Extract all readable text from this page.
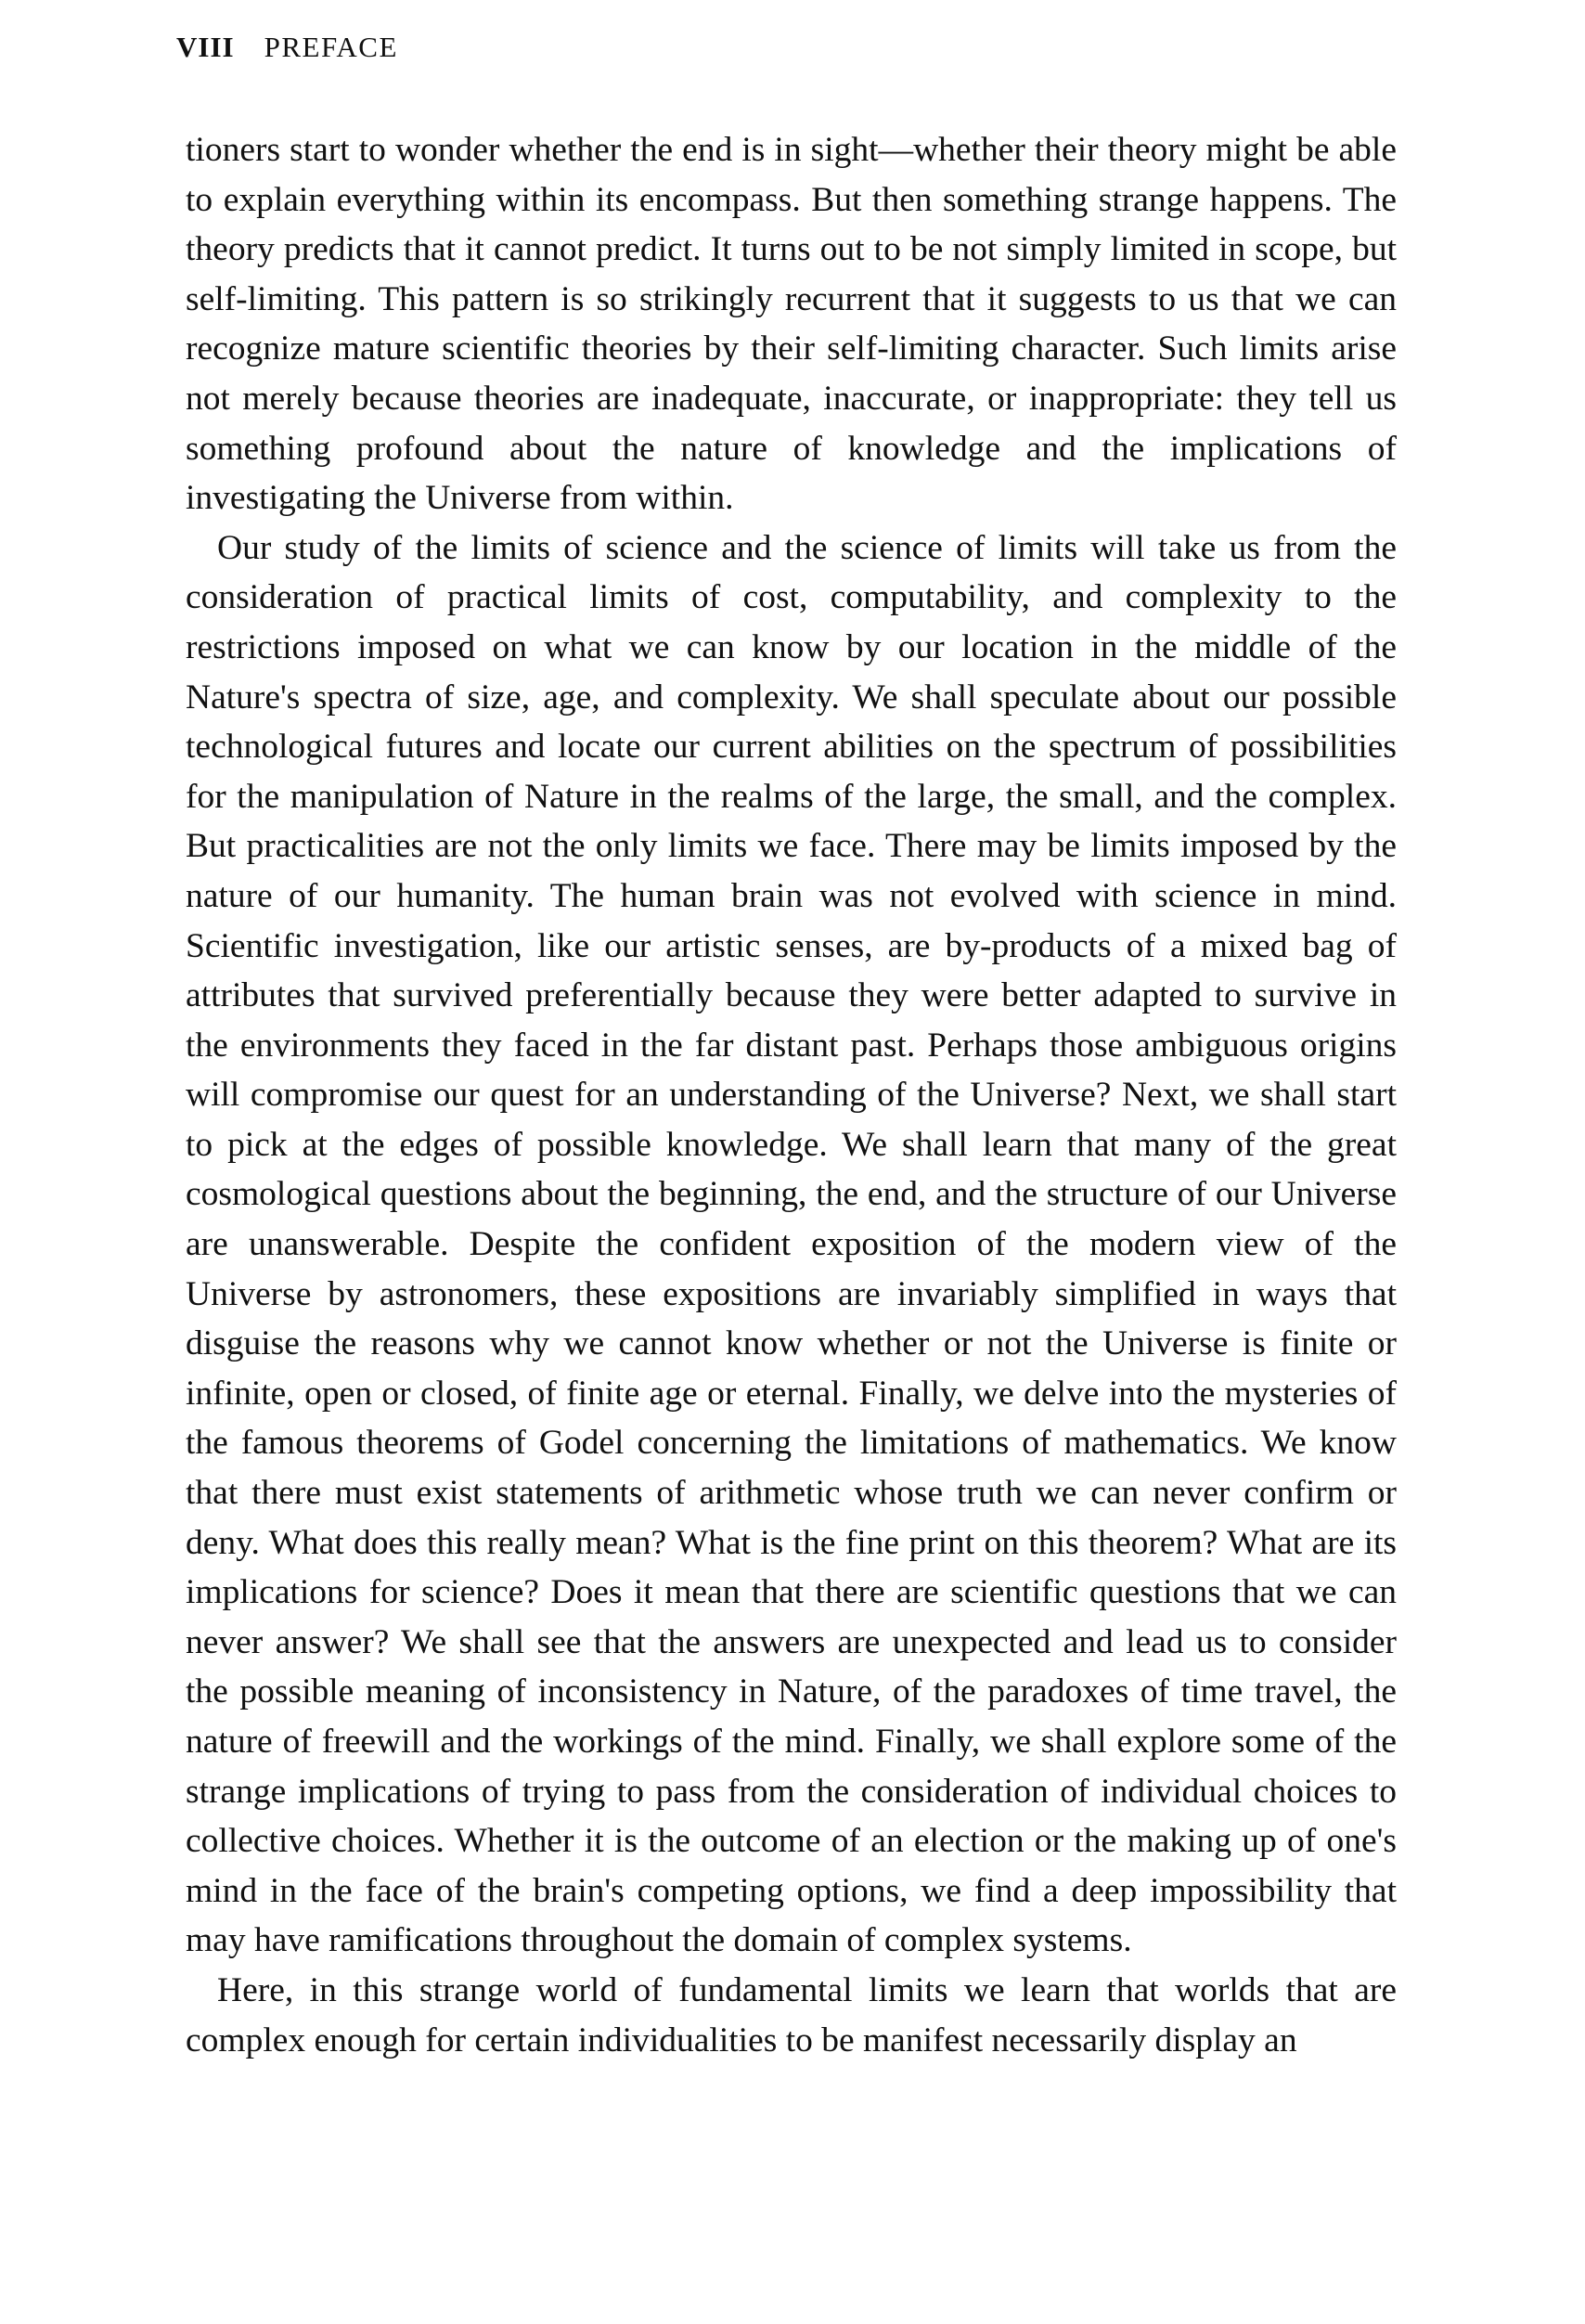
VIII PREFACE

tioners start to wonder whether the end is in sight—whether their theory might be able to explain everything within its encompass. But then something strange happens. The theory predicts that it cannot predict. It turns out to be not simply limited in scope, but self-limiting. This pattern is so strikingly recurrent that it suggests to us that we can recognize mature scientific theories by their self-limiting character. Such limits arise not merely because theories are inadequate, inaccurate, or inappropriate: they tell us something profound about the nature of knowledge and the implications of investigating the Universe from within.

Our study of the limits of science and the science of limits will take us from the consideration of practical limits of cost, computability, and complexity to the restrictions imposed on what we can know by our location in the middle of the Nature's spectra of size, age, and complexity. We shall speculate about our possible technological futures and locate our current abilities on the spectrum of possibilities for the manipulation of Nature in the realms of the large, the small, and the complex. But practicalities are not the only limits we face. There may be limits imposed by the nature of our humanity. The human brain was not evolved with science in mind. Scientific investigation, like our artistic senses, are by-products of a mixed bag of attributes that survived preferentially because they were better adapted to survive in the environments they faced in the far distant past. Perhaps those ambiguous origins will compromise our quest for an understanding of the Universe? Next, we shall start to pick at the edges of possible knowledge. We shall learn that many of the great cosmological questions about the beginning, the end, and the structure of our Universe are unanswerable. Despite the confident exposition of the modern view of the Universe by astronomers, these expositions are invariably simplified in ways that disguise the reasons why we cannot know whether or not the Universe is finite or infinite, open or closed, of finite age or eternal. Finally, we delve into the mysteries of the famous theorems of Godel concerning the limitations of mathematics. We know that there must exist statements of arithmetic whose truth we can never confirm or deny. What does this really mean? What is the fine print on this theorem? What are its implications for science? Does it mean that there are scientific questions that we can never answer? We shall see that the answers are unexpected and lead us to consider the possible meaning of inconsistency in Nature, of the paradoxes of time travel, the nature of freewill and the workings of the mind. Finally, we shall explore some of the strange implications of trying to pass from the consideration of individual choices to collective choices. Whether it is the outcome of an election or the making up of one's mind in the face of the brain's competing options, we find a deep impossibility that may have ramifications throughout the domain of complex systems.

Here, in this strange world of fundamental limits we learn that worlds that are complex enough for certain individualities to be manifest necessarily display an
